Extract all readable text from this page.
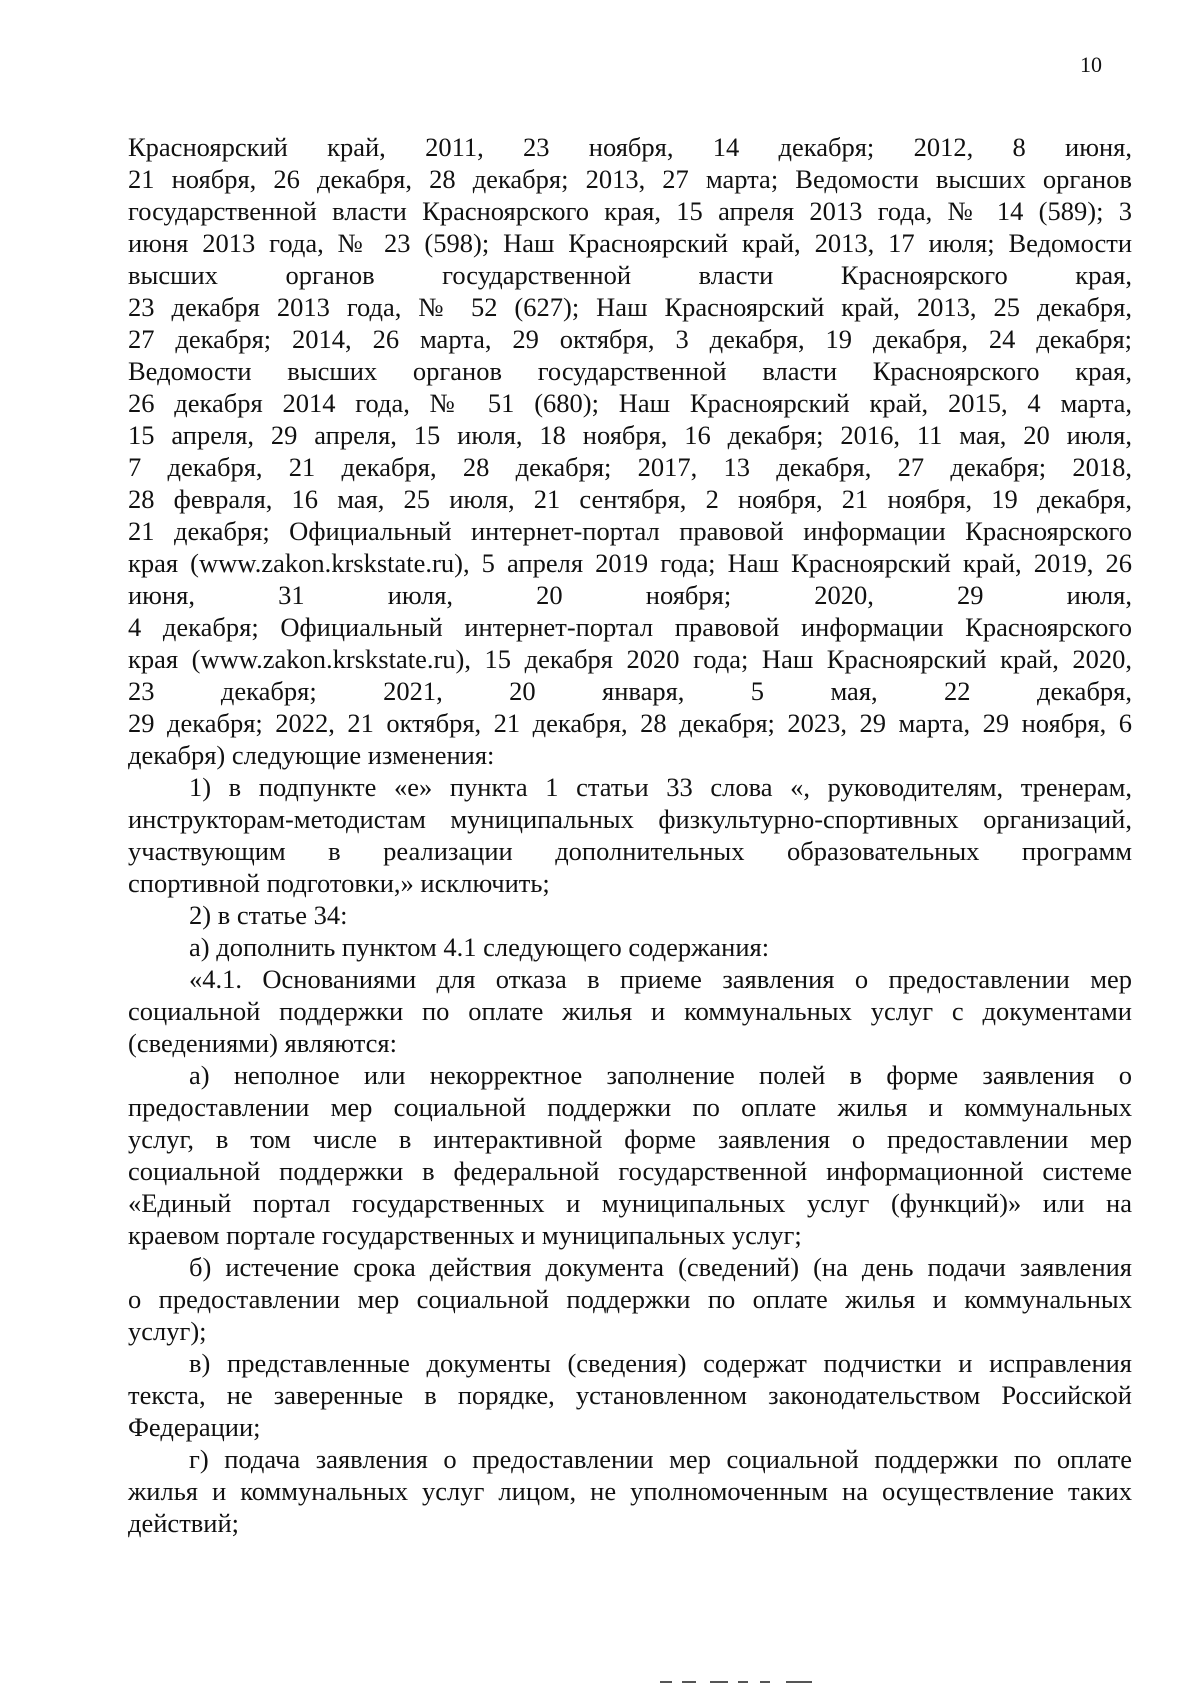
10
Красноярский край, 2011, 23 ноября, 14 декабря; 2012, 8 июня,
21 ноября, 26 декабря, 28 декабря; 2013, 27 марта; Ведомости высших органов
государственной власти Красноярского края, 15 апреля 2013 года, № 14 (589); 3
июня 2013 года, № 23 (598); Наш Красноярский край, 2013, 17 июля; Ведомости
высших органов государственной власти Красноярского края,
23 декабря 2013 года, № 52 (627); Наш Красноярский край, 2013, 25 декабря,
27 декабря; 2014, 26 марта, 29 октября, 3 декабря, 19 декабря, 24 декабря;
Ведомости высших органов государственной власти Красноярского края,
26 декабря 2014 года, № 51 (680); Наш Красноярский край, 2015, 4 марта,
15 апреля, 29 апреля, 15 июля, 18 ноября, 16 декабря; 2016, 11 мая, 20 июля,
7 декабря, 21 декабря, 28 декабря; 2017, 13 декабря, 27 декабря; 2018,
28 февраля, 16 мая, 25 июля, 21 сентября, 2 ноября, 21 ноября, 19 декабря,
21 декабря; Официальный интернет-портал правовой информации Красноярского
края (www.zakon.krskstate.ru), 5 апреля 2019 года; Наш Красноярский край, 2019, 26
июня, 31 июля, 20 ноября; 2020, 29 июля,
4 декабря; Официальный интернет-портал правовой информации Красноярского
края (www.zakon.krskstate.ru), 15 декабря 2020 года; Наш Красноярский край, 2020,
23 декабря; 2021, 20 января, 5 мая, 22 декабря,
29 декабря; 2022, 21 октября, 21 декабря, 28 декабря; 2023, 29 марта, 29 ноября, 6
декабря) следующие изменения:
1) в подпункте «е» пункта 1 статьи 33 слова «, руководителям, тренерам,
инструкторам-методистам муниципальных физкультурно-спортивных организаций,
участвующим в реализации дополнительных образовательных программ
спортивной подготовки,» исключить;
2) в статье 34:
а) дополнить пунктом 4.1 следующего содержания:
«4.1. Основаниями для отказа в приеме заявления о предоставлении мер
социальной поддержки по оплате жилья и коммунальных услуг с документами
(сведениями) являются:
а) неполное или некорректное заполнение полей в форме заявления о
предоставлении мер социальной поддержки по оплате жилья и коммунальных
услуг, в том числе в интерактивной форме заявления о предоставлении мер
социальной поддержки в федеральной государственной информационной системе
«Единый портал государственных и муниципальных услуг (функций)» или на
краевом портале государственных и муниципальных услуг;
б) истечение срока действия документа (сведений) (на день подачи заявления
о предоставлении мер социальной поддержки по оплате жилья и коммунальных
услуг);
в) представленные документы (сведения) содержат подчистки и исправления
текста, не заверенные в порядке, установленном законодательством Российской
Федерации;
г) подача заявления о предоставлении мер социальной поддержки по оплате
жилья и коммунальных услуг лицом, не уполномоченным на осуществление таких
действий;
